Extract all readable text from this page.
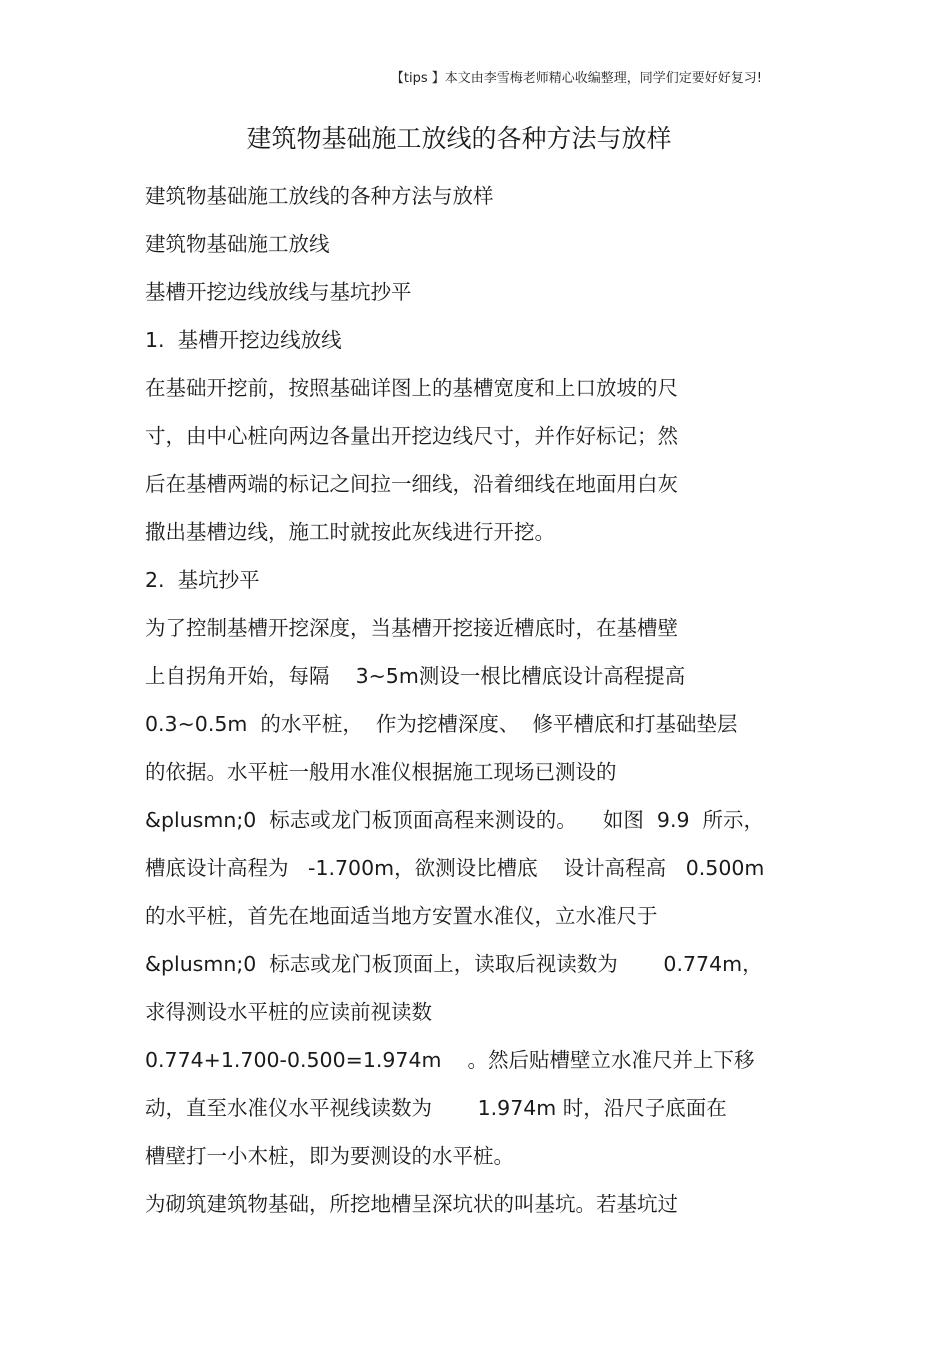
【tips 】本文由李雪梅老师精心收编整理，同学们定要好好复习!
建筑物基础施工放线的各种方法与放样
建筑物基础施工放线的各种方法与放样
建筑物基础施工放线
基槽开挖边线放线与基坑抄平
1.  基槽开挖边线放线
在基础开挖前，按照基础详图上的基槽宽度和上口放坡的尺
寸，由中心桩向两边各量出开挖边线尺寸，并作好标记；然
后在基槽两端的标记之间拉一细线，沿着细线在地面用白灰
撒出基槽边线，施工时就按此灰线进行开挖。
2.  基坑抄平
为了控制基槽开挖深度，当基槽开挖接近槽底时，在基槽壁
上自拐角开始，每隔    3~5m测设一根比槽底设计高程提高
0.3~0.5m  的水平桩，  作为挖槽深度、  修平槽底和打基础垫层
的依据。水平桩一般用水准仪根据施工现场已测设的
&plusmn;0  标志或龙门板顶面高程来测设的。    如图  9.9  所示，
槽底设计高程为   -1.700m，欲测设比槽底    设计高程高   0.500m
的水平桩，首先在地面适当地方安置水准仪，立水准尺于
&plusmn;0  标志或龙门板顶面上，读取后视读数为       0.774m，
求得测设水平桩的应读前视读数
0.774+1.700-0.500=1.974m    。然后贴槽壁立水准尺并上下移
动，直至水准仪水平视线读数为       1.974m 时，沿尺子底面在
槽壁打一小木桩，即为要测设的水平桩。
为砌筑建筑物基础，所挖地槽呈深坑状的叫基坑。若基坑过
